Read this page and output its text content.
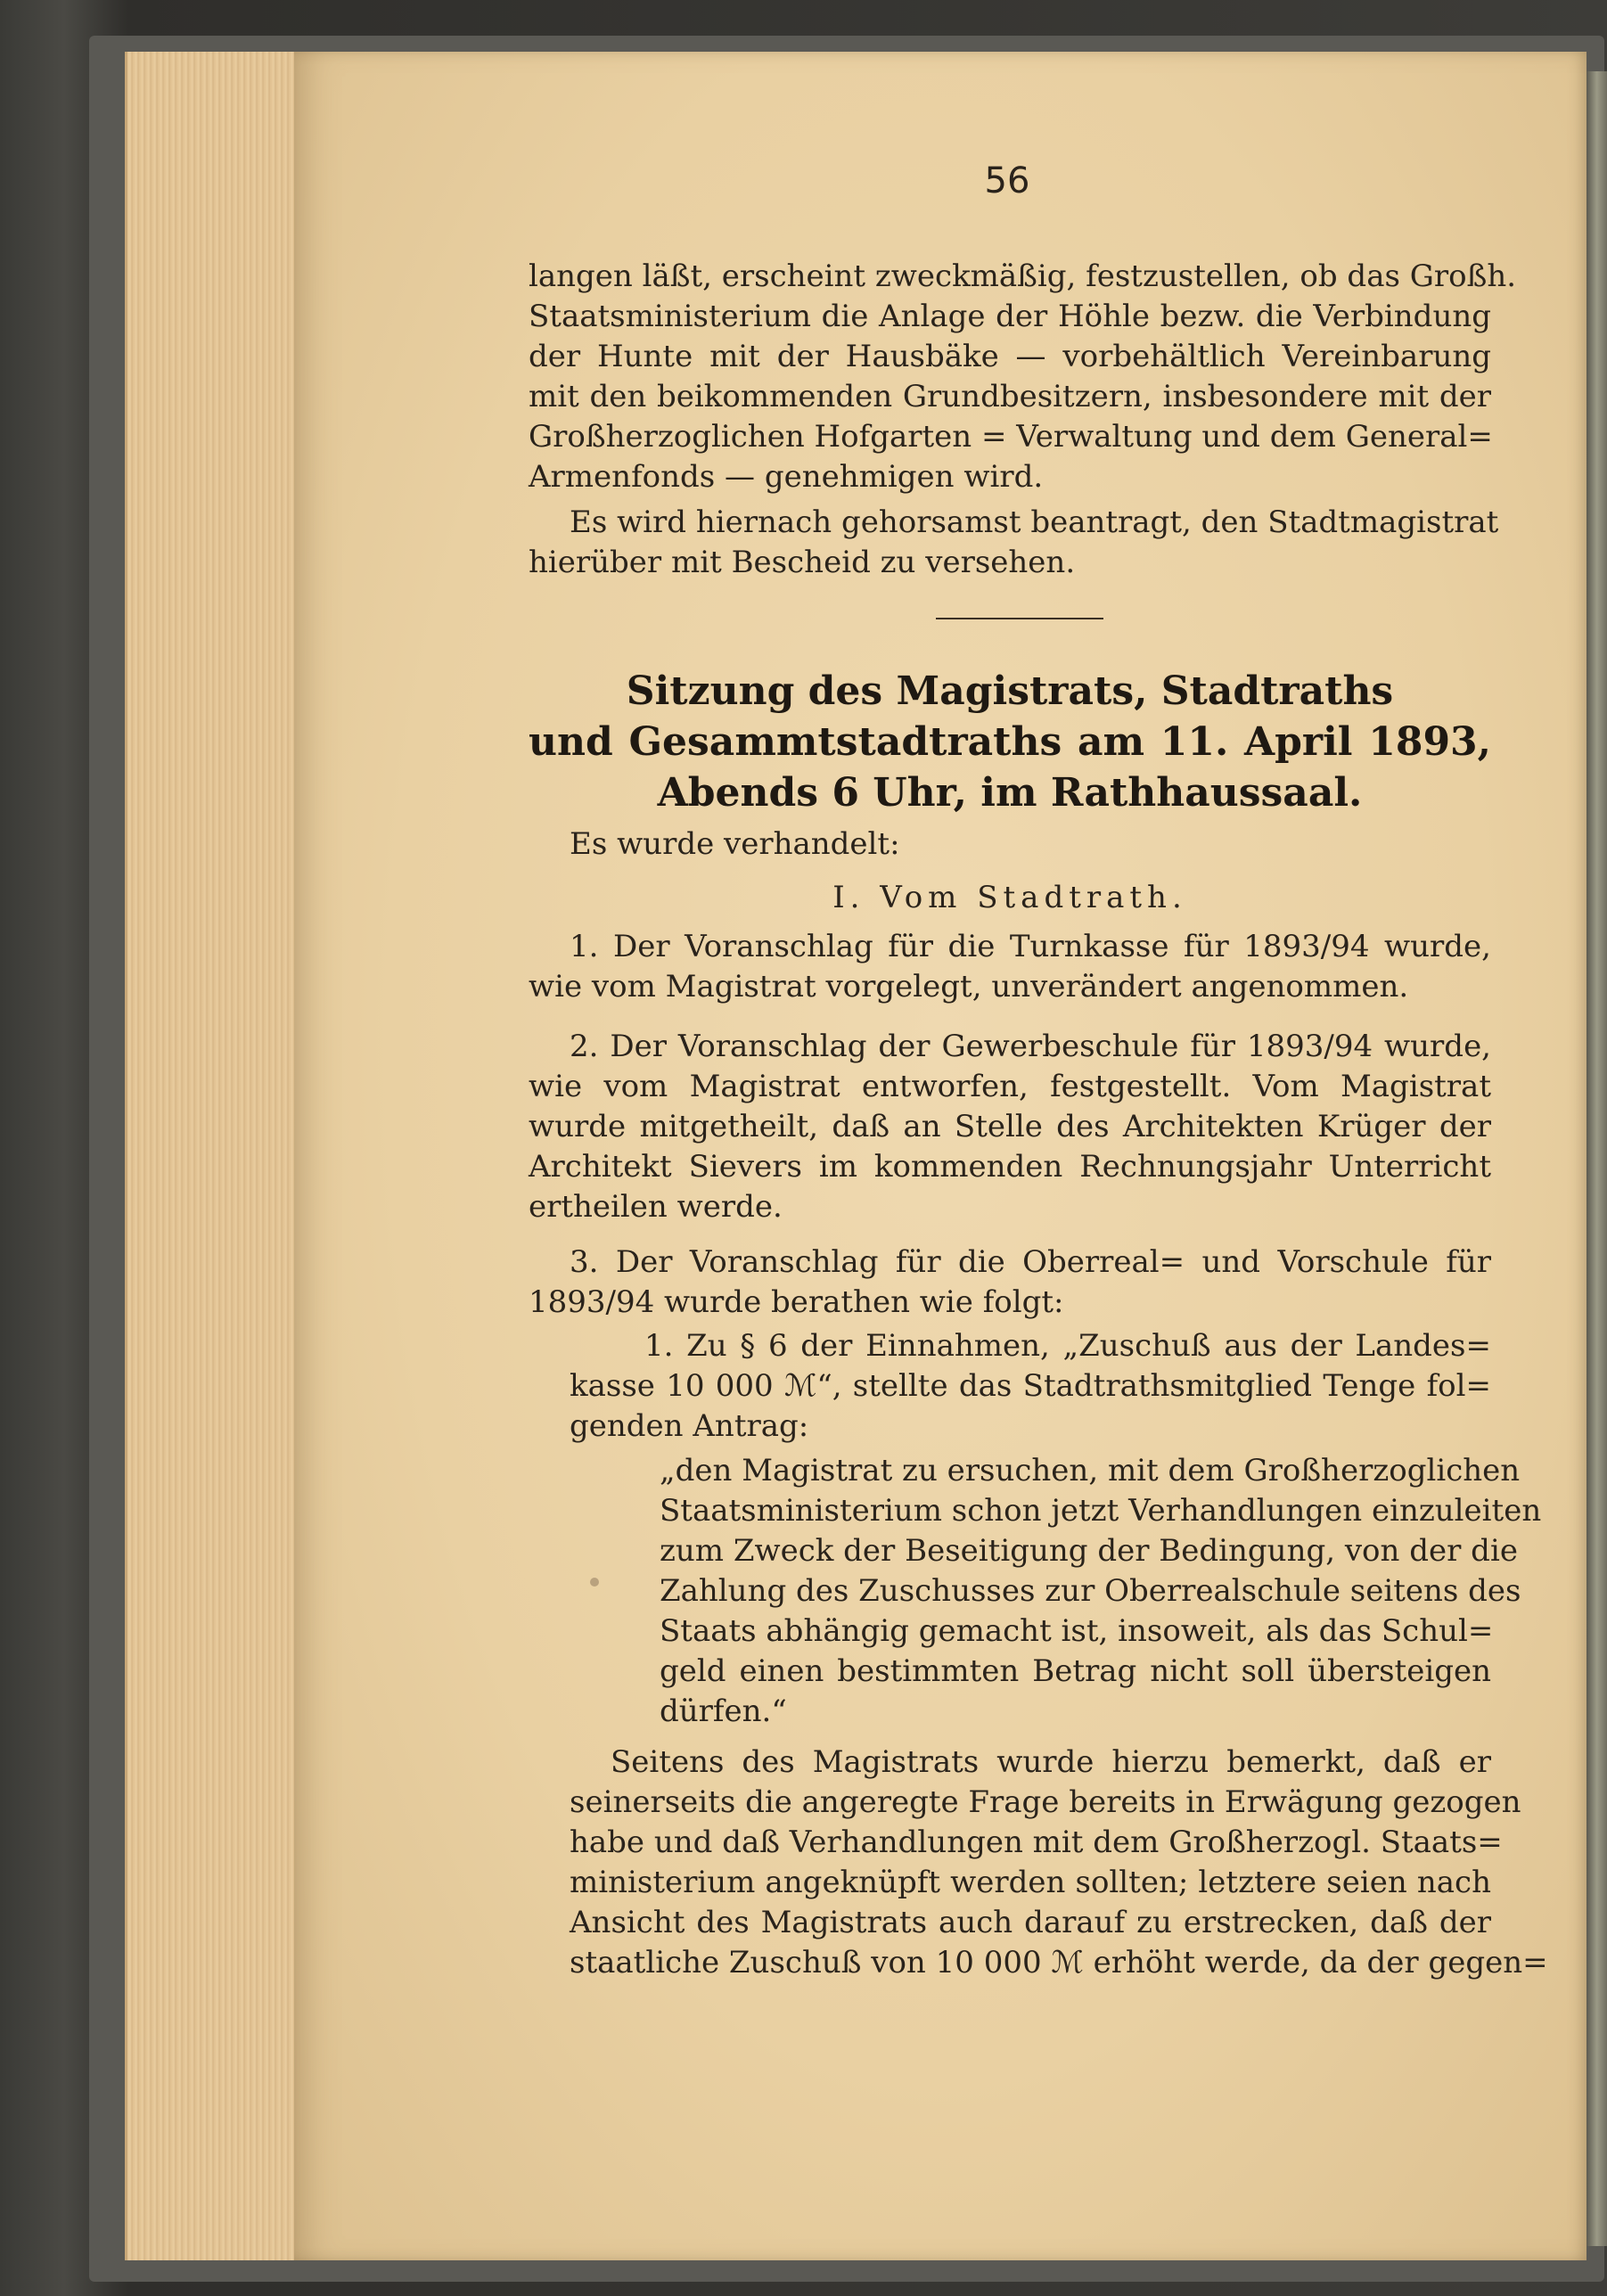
56
langen läßt, erscheint zweckmäßig, festzustellen, ob das Großh.
Staatsministerium die Anlage der Höhle bezw. die Verbindung
der Hunte mit der Hausbäke — vorbehältlich Vereinbarung
mit den beikommenden Grundbesitzern, insbesondere mit der
Großherzoglichen Hofgarten = Verwaltung und dem General=
Armenfonds — genehmigen wird.
Es wird hiernach gehorsamst beantragt, den Stadtmagistrat
hierüber mit Bescheid zu versehen.
Sitzung des Magistrats, Stadtraths
und Gesammtstadtraths am 11. April 1893,
Abends 6 Uhr, im Rathhaussaal.
Es wurde verhandelt:
I. Vom Stadtrath.
1. Der Voranschlag für die Turnkasse für 1893/94 wurde,
wie vom Magistrat vorgelegt, unverändert angenommen.
2. Der Voranschlag der Gewerbeschule für 1893/94 wurde,
wie vom Magistrat entworfen, festgestellt. Vom Magistrat
wurde mitgetheilt, daß an Stelle des Architekten Krüger der
Architekt Sievers im kommenden Rechnungsjahr Unterricht
ertheilen werde.
3. Der Voranschlag für die Oberreal= und Vorschule für
1893/94 wurde berathen wie folgt:
1. Zu § 6 der Einnahmen, „Zuschuß aus der Landes=
kasse 10 000 ℳ“, stellte das Stadtrathsmitglied Tenge fol=
genden Antrag:
„den Magistrat zu ersuchen, mit dem Großherzoglichen
Staatsministerium schon jetzt Verhandlungen einzuleiten
zum Zweck der Beseitigung der Bedingung, von der die
Zahlung des Zuschusses zur Oberrealschule seitens des
Staats abhängig gemacht ist, insoweit, als das Schul=
geld einen bestimmten Betrag nicht soll übersteigen
dürfen.“
Seitens des Magistrats wurde hierzu bemerkt, daß er
seinerseits die angeregte Frage bereits in Erwägung gezogen
habe und daß Verhandlungen mit dem Großherzogl. Staats=
ministerium angeknüpft werden sollten; letztere seien nach
Ansicht des Magistrats auch darauf zu erstrecken, daß der
staatliche Zuschuß von 10 000 ℳ erhöht werde, da der gegen=
